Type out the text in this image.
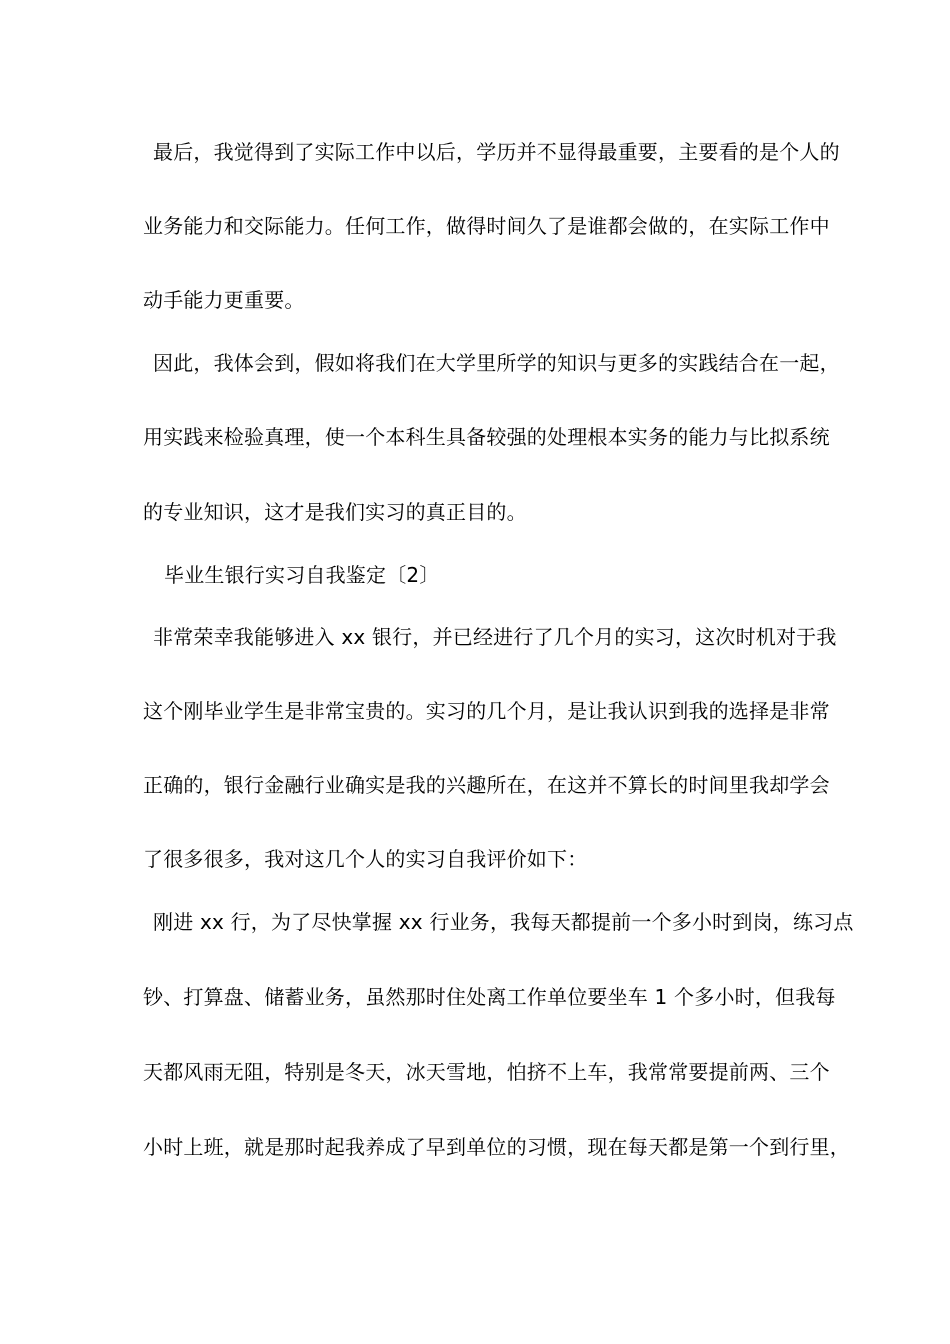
最后，我觉得到了实际工作中以后，学历并不显得最重要，主要看的是个人的
业务能力和交际能力。任何工作，做得时间久了是谁都会做的，在实际工作中
动手能力更重要。
因此，我体会到，假如将我们在大学里所学的知识与更多的实践结合在一起，
用实践来检验真理，使一个本科生具备较强的处理根本实务的能力与比拟系统
的专业知识，这才是我们实习的真正目的。
毕业生银行实习自我鉴定〔2〕
非常荣幸我能够进入 xx 银行，并已经进行了几个月的实习，这次时机对于我
这个刚毕业学生是非常宝贵的。实习的几个月，是让我认识到我的选择是非常
正确的，银行金融行业确实是我的兴趣所在，在这并不算长的时间里我却学会
了很多很多，我对这几个人的实习自我评价如下：
刚进 xx 行，为了尽快掌握 xx 行业务，我每天都提前一个多小时到岗，练习点
钞、打算盘、储蓄业务，虽然那时住处离工作单位要坐车 1 个多小时，但我每
天都风雨无阻，特别是冬天，冰天雪地，怕挤不上车，我常常要提前两、三个
小时上班，就是那时起我养成了早到单位的习惯，现在每天都是第一个到行里，
